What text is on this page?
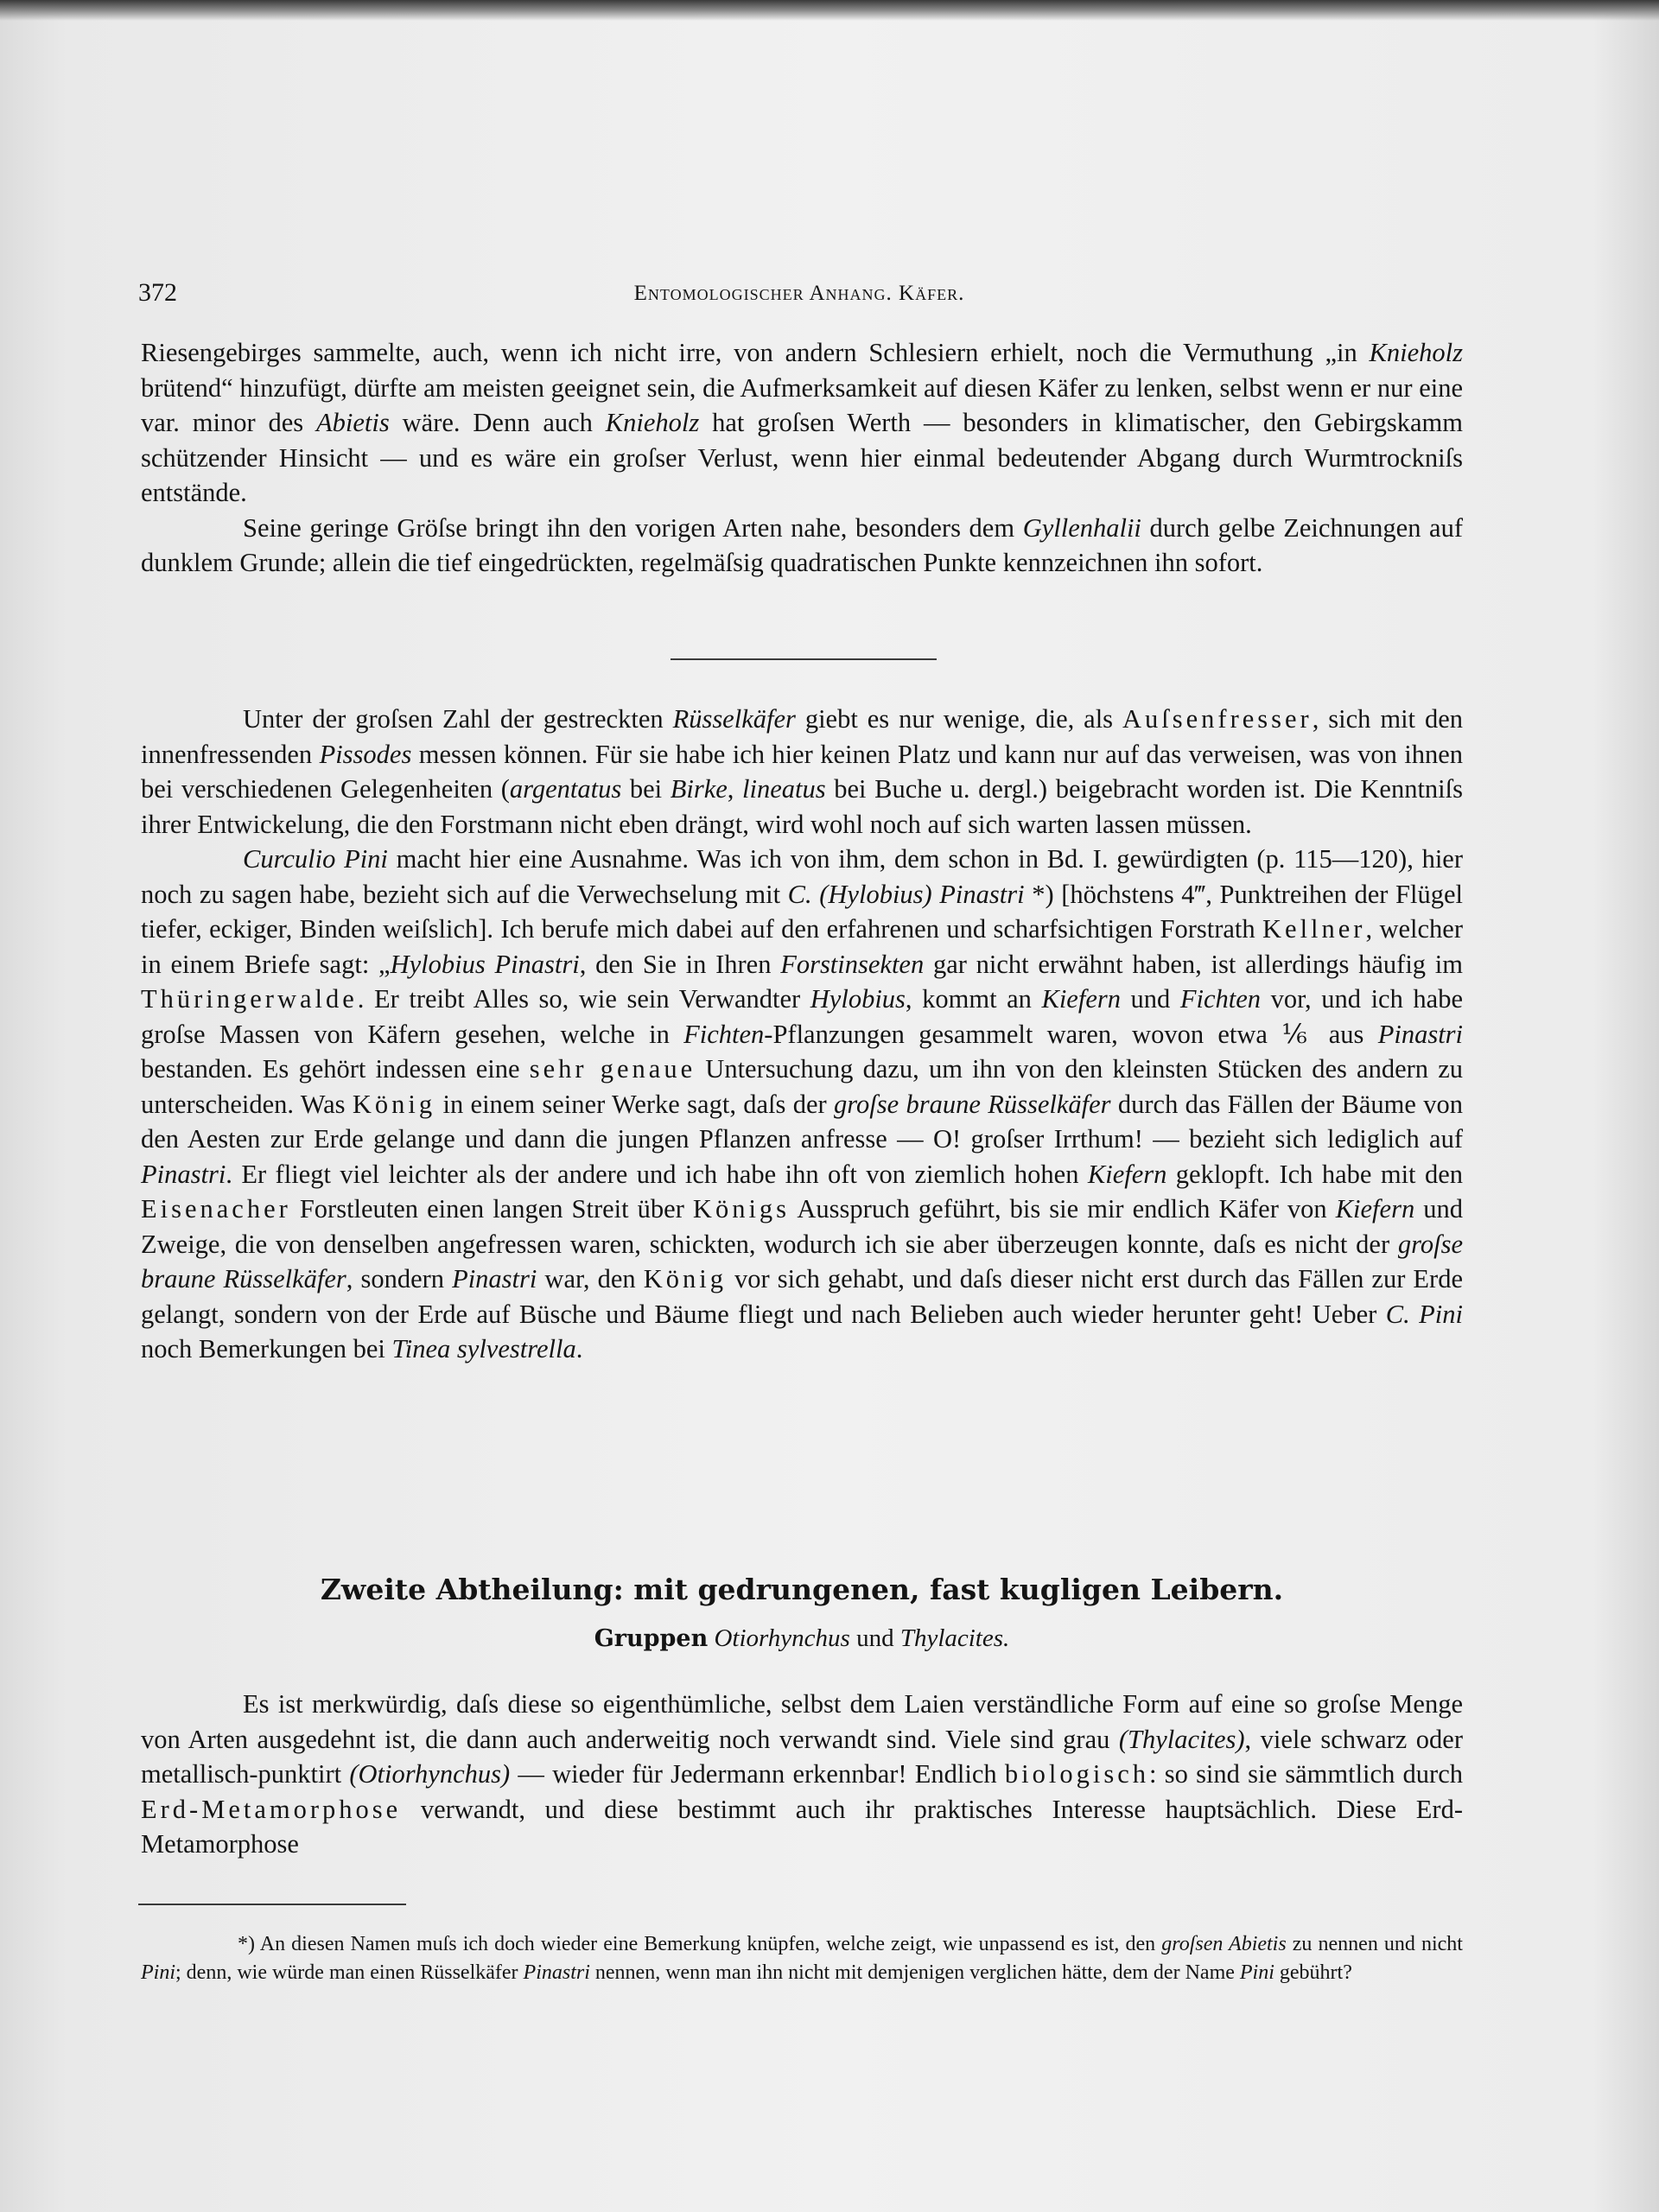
372	Entomologischer Anhang. Käfer.

Riesengebirges sammelte, auch, wenn ich nicht irre, von andern Schlesiern erhielt, noch die Vermuthung „in Knieholz brütend“ hinzufügt, dürfte am meisten geeignet sein, die Aufmerksamkeit auf diesen Käfer zu lenken, selbst wenn er nur eine var. minor des Abietis wäre. Denn auch Knieholz hat groſsen Werth — besonders in klimatischer, den Gebirgskamm schützender Hinsicht — und es wäre ein groſser Verlust, wenn hier einmal bedeutender Abgang durch Wurmtrockniſs entstände.

Seine geringe Gröſse bringt ihn den vorigen Arten nahe, besonders dem Gyllenhalii durch gelbe Zeichnungen auf dunklem Grunde; allein die tief eingedrückten, regelmäſsig quadratischen Punkte kennzeichnen ihn sofort.

Unter der groſsen Zahl der gestreckten Rüsselkäfer giebt es nur wenige, die, als Auſsenfresser, sich mit den innenfressenden Pissodes messen können. Für sie habe ich hier keinen Platz und kann nur auf das verweisen, was von ihnen bei verschiedenen Gelegenheiten (argentatus bei Birke, lineatus bei Buche u. dergl.) beigebracht worden ist. Die Kenntniſs ihrer Entwickelung, die den Forstmann nicht eben drängt, wird wohl noch auf sich warten lassen müssen.

Curculio Pini macht hier eine Ausnahme. Was ich von ihm, dem schon in Bd. I. gewürdigten (p. 115—120), hier noch zu sagen habe, bezieht sich auf die Verwechselung mit C. (Hylobius) Pinastri *) [höchstens 4‴, Punktreihen der Flügel tiefer, eckiger, Binden weiſslich]. Ich berufe mich dabei auf den erfahrenen und scharfsichtigen Forstrath Kellner, welcher in einem Briefe sagt: „Hylobius Pinastri, den Sie in Ihren Forstinsekten gar nicht erwähnt haben, ist allerdings häufig im Thüringerwalde. Er treibt Alles so, wie sein Verwandter Hylobius, kommt an Kiefern und Fichten vor, und ich habe groſse Massen von Käfern gesehen, welche in Fichten-Pflanzungen gesammelt waren, wovon etwa ⅙ aus Pinastri bestanden. Es gehört indessen eine sehr genaue Untersuchung dazu, um ihn von den kleinsten Stücken des andern zu unterscheiden. Was König in einem seiner Werke sagt, daſs der groſse braune Rüsselkäfer durch das Fällen der Bäume von den Aesten zur Erde gelange und dann die jungen Pflanzen anfresse — O! groſser Irrthum! — bezieht sich lediglich auf Pinastri. Er fliegt viel leichter als der andere und ich habe ihn oft von ziemlich hohen Kiefern geklopft. Ich habe mit den Eisenacher Forstleuten einen langen Streit über Königs Ausspruch geführt, bis sie mir endlich Käfer von Kiefern und Zweige, die von denselben angefressen waren, schickten, wodurch ich sie aber überzeugen konnte, daſs es nicht der groſse braune Rüsselkäfer, sondern Pinastri war, den König vor sich gehabt, und daſs dieser nicht erst durch das Fällen zur Erde gelangt, sondern von der Erde auf Büsche und Bäume fliegt und nach Belieben auch wieder herunter geht! Ueber C. Pini noch Bemerkungen bei Tinea sylvestrella.

Zweite Abtheilung: mit gedrungenen, fast kugligen Leibern.
Gruppen Otiorhynchus und Thylacites.

Es ist merkwürdig, daſs diese so eigenthümliche, selbst dem Laien verständliche Form auf eine so groſse Menge von Arten ausgedehnt ist, die dann auch anderweitig noch verwandt sind. Viele sind grau (Thylacites), viele schwarz oder metallisch-punktirt (Otiorhynchus) — wieder für Jedermann erkennbar! Endlich biologisch: so sind sie sämmtlich durch Erd-Metamorphose verwandt, und diese bestimmt auch ihr praktisches Interesse hauptsächlich. Diese Erd-Metamorphose

*) An diesen Namen muſs ich doch wieder eine Bemerkung knüpfen, welche zeigt, wie unpassend es ist, den groſsen Abietis zu nennen und nicht Pini; denn, wie würde man einen Rüsselkäfer Pinastri nennen, wenn man ihn nicht mit demjenigen verglichen hätte, dem der Name Pini gebührt?
